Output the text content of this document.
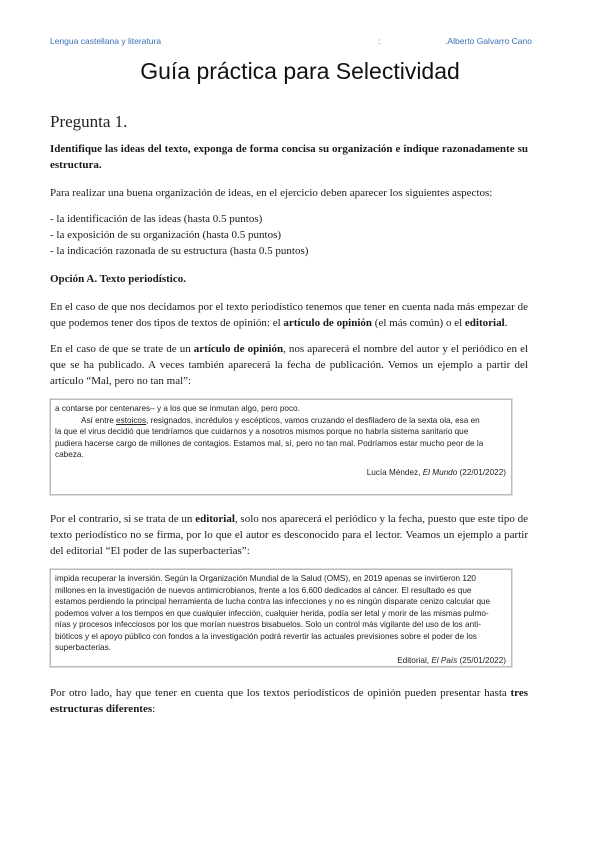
Lengua castellana y literatura	:	.Alberto Galvarro Cano
Guía práctica para Selectividad
Pregunta 1.

Identifique las ideas del texto, exponga de forma concisa su organización e indique razonadamente su estructura.

Para realizar una buena organización de ideas, en el ejercicio deben aparecer los siguientes aspectos:

- la identificación de las ideas (hasta 0.5 puntos)
- la exposición de su organización (hasta 0.5 puntos)
- la indicación razonada de su estructura (hasta 0.5 puntos)

Opción A. Texto periodístico.

En el caso de que nos decidamos por el texto periodístico tenemos que tener en cuenta nada más empezar de que podemos tener dos tipos de textos de opinión: el artículo de opinión (el más común) o el editorial.

En el caso de que se trate de un artículo de opinión, nos aparecerá el nombre del autor y el periódico en el que se ha publicado. A veces también aparecerá la fecha de publicación. Vemos un ejemplo a partir del artículo “Mal, pero no tan mal”:

a contarse por centenares– y a los que se inmutan algo, pero poco.
Así entre estoicos, resignados, incrédulos y escépticos, vamos cruzando el desfiladero de la sexta ola, esa en
la que el virus decidió que tendríamos que cuidarnos y a nosotros mismos porque no habría sistema sanitario que
pudiera hacerse cargo de millones de contagios. Estamos mal, sí, pero no tan mal. Podríamos estar mucho peor de la
cabeza.
Lucía Méndez, El Mundo (22/01/2022)

Por el contrario, si se trata de un editorial, solo nos aparecerá el periódico y la fecha, puesto que este tipo de texto periodístico no se firma, por lo que el autor es desconocido para el lector. Veamos un ejemplo a partir del editorial “El poder de las superbacterias”:

impida recuperar la inversión. Según la Organización Mundial de la Salud (OMS), en 2019 apenas se invirtieron 120
millones en la investigación de nuevos antimicrobianos, frente a los 6.600 dedicados al cáncer. El resultado es que
estamos perdiendo la principal herramienta de lucha contra las infecciones y no es ningún disparate cenizo calcular que
podemos volver a los tiempos en que cualquier infección, cualquier herida, podía ser letal y morir de las mismas pulmo-
nías y procesos infecciosos por los que morían nuestros bisabuelos. Solo un control más vigilante del uso de los anti-
bióticos y el apoyo público con fondos a la investigación podrá revertir las actuales previsiones sobre el poder de los
superbacterias.
Editorial, El País (25/01/2022)

Por otro lado, hay que tener en cuenta que los textos periodísticos de opinión pueden presentar hasta tres estructuras diferentes:
